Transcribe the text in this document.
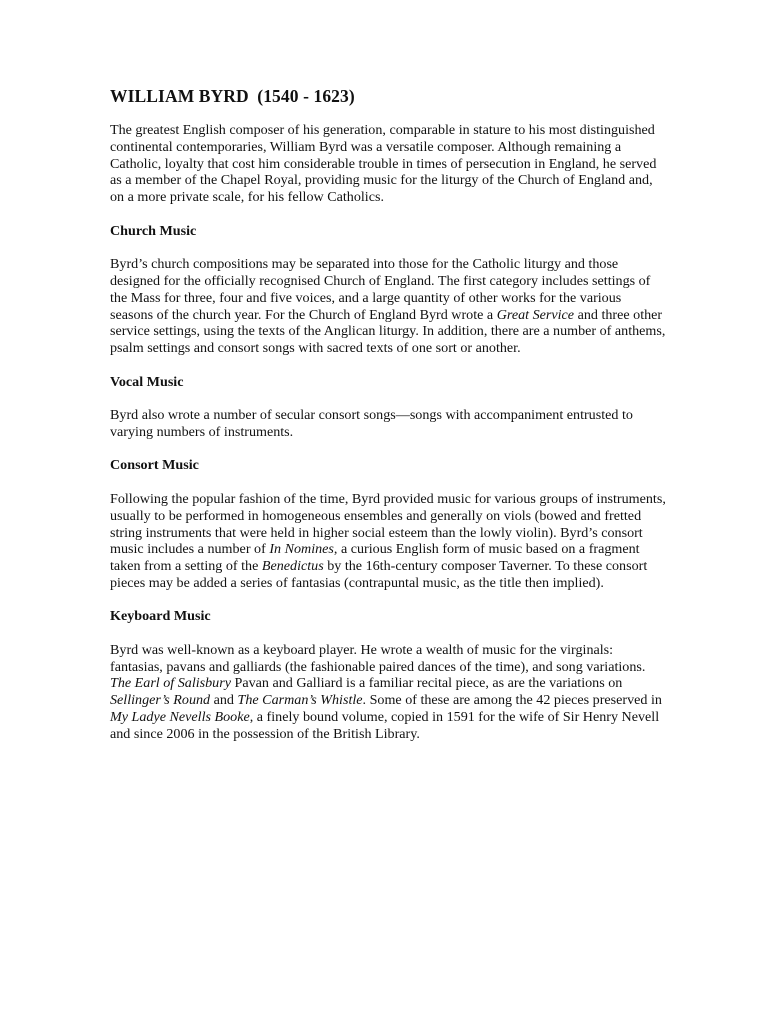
WILLIAM BYRD (1540 - 1623)

The greatest English composer of his generation, comparable in stature to his most distinguished continental contemporaries, William Byrd was a versatile composer. Although remaining a Catholic, loyalty that cost him considerable trouble in times of persecution in England, he served as a member of the Chapel Royal, providing music for the liturgy of the Church of England and, on a more private scale, for his fellow Catholics.

Church Music

Byrd’s church compositions may be separated into those for the Catholic liturgy and those designed for the officially recognised Church of England. The first category includes settings of the Mass for three, four and five voices, and a large quantity of other works for the various seasons of the church year. For the Church of England Byrd wrote a Great Service and three other service settings, using the texts of the Anglican liturgy. In addition, there are a number of anthems, psalm settings and consort songs with sacred texts of one sort or another.

Vocal Music

Byrd also wrote a number of secular consort songs—songs with accompaniment entrusted to varying numbers of instruments.

Consort Music

Following the popular fashion of the time, Byrd provided music for various groups of instruments, usually to be performed in homogeneous ensembles and generally on viols (bowed and fretted string instruments that were held in higher social esteem than the lowly violin). Byrd’s consort music includes a number of In Nomines, a curious English form of music based on a fragment taken from a setting of the Benedictus by the 16th-century composer Taverner. To these consort pieces may be added a series of fantasias (contrapuntal music, as the title then implied).

Keyboard Music

Byrd was well-known as a keyboard player. He wrote a wealth of music for the virginals: fantasias, pavans and galliards (the fashionable paired dances of the time), and song variations. The Earl of Salisbury Pavan and Galliard is a familiar recital piece, as are the variations on Sellinger’s Round and The Carman’s Whistle. Some of these are among the 42 pieces preserved in My Ladye Nevells Booke, a finely bound volume, copied in 1591 for the wife of Sir Henry Nevell and since 2006 in the possession of the British Library.
